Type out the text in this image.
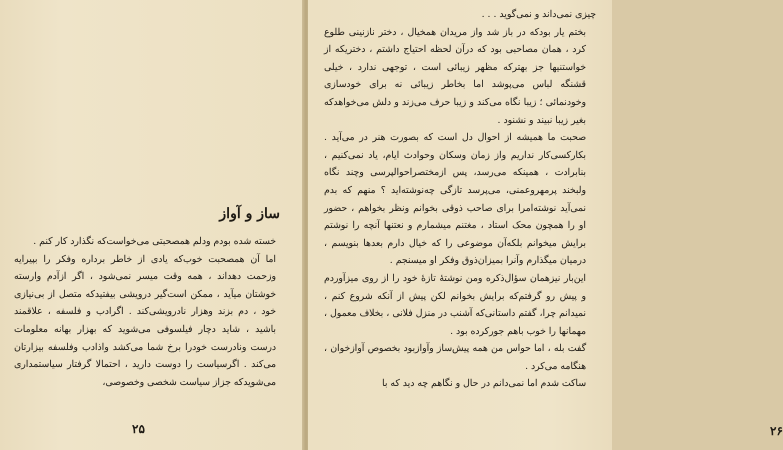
ساز و آواز

خسته شده بودم ودلم همصحبتی می‌خواست‌که نگذارد کار کنم .

اما آن همصحبت خوب‌که یادی از خاطر برداره وفکر را بپیرایه وزحمت دهداند ، همه وقت میسر نمی‌شود ، اگر ازآدم وارسته خوشتان میآید ، ممکن است‌گیر درویشی بیفتیدکه متصل از بی‌نیازی خود ، دم بزند وهزار نادرویشی‌کند . اگرادب و فلسفه ، علاقمند باشید ، شاید دچار فیلسوفی می‌شوید که بهزار بهانه معلومات درست ونادرست خودرا برخ شما می‌کشد واذادب وفلسفه بیزارتان می‌کند . اگرسیاست را دوست دارید ، احتمالا گرفتار سیاستمداری می‌شویدکه جزاز سیاست شخصی وخصوصی،

۲۵

چیزی نمی‌داند و نمی‌گوید . . .

بختم یار بودکه در باز شد واز مریدان همخیال ، دختر نازنینی طلوع کرد ، همان مصاحبی بود که درآن لحظه احتیاج داشتم ، دختریکه از خواستنیها جز بهترکه مظهر زیبائی است ، توجهی ندارد ، خیلی قشنگه لباس می‌پوشد اما بخاطر زیبائی نه برای خودسازی وخودنمائی ؛ زیبا نگاه می‌کند و زیبا حرف می‌زند و دلش می‌خواهدکه بغیر زیبا نبیند و نشنود .

صحبت ما همیشه از احوال دل است که بصورت هنر در می‌آید . بکارکسی‌کار نداریم واز زمان وسکان وحوادث ایام، یاد نمی‌کنیم ، بنابرادت ، همینکه می‌رسد، پس ازمختصراحوالپرسی وچند نگاه ولبخند پرمهروعمنی، می‌پرسد تازگی چه‌نوشته‌اید ؟ منهم که بدم نمی‌آید نوشته‌امرا برای صاحب ذوقی بخوانم ونظر بخواهم ، حضور او را همچون محک استاد ، مغتنم میشمارم و نعتنها آنچه را نوشتم برایش میخوانم بلکه‌آن موضوعی را که خیال دارم بعدها بنویسم ، درمیان میگذارم وآنرا بمیزان‌ذوق وفکر او میسنجم .

این‌بار نیزهمان سؤال‌ذکره ومن نوشتهٔ تازهٔ خود را از روی میزآوردم و پیش رو گرفتم‌که برایش بخوانم لکن پیش از آنکه شروع کنم ، نمیدانم چرا، گفتم داستانی‌که آشنب در منزل فلانی ، بخلاف معمول ، مهمانها را خوب باهم جورکرده بود .

گفت بله ، اما حواس من همه پیش‌ساز وآوازبود بخصوص آوازخوان ، هنگامه می‌کرد .

ساکت شدم اما نمی‌دانم در حال و نگاهم چه دید که با

۲۶
